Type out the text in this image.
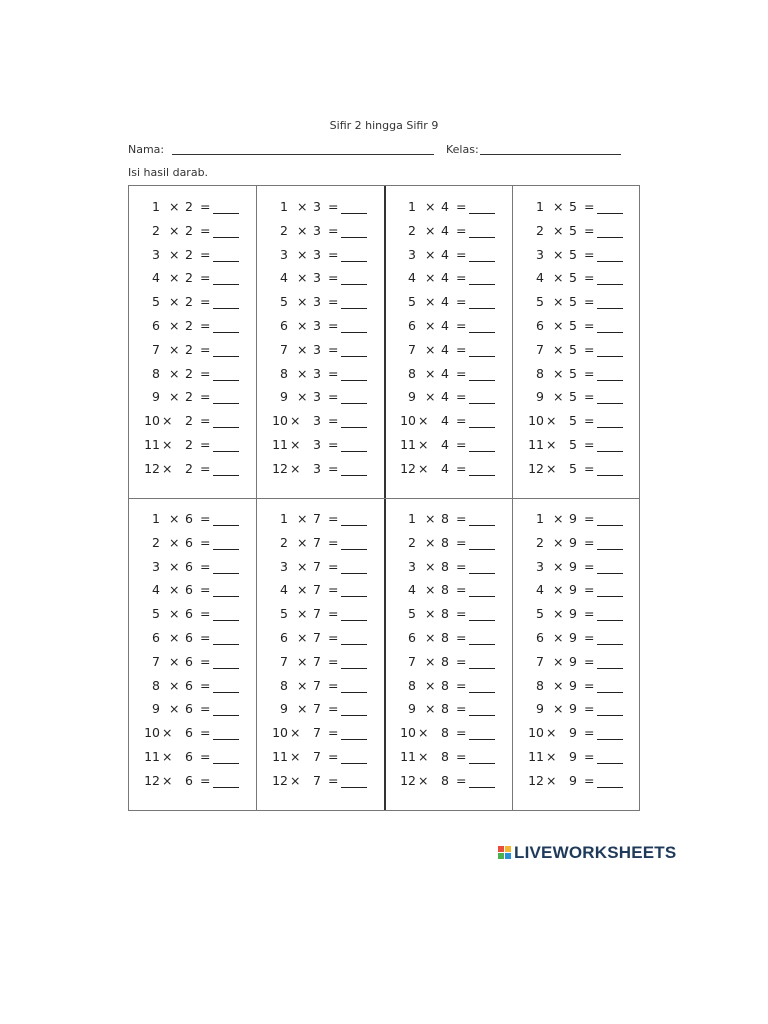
Sifir 2 hingga Sifir 9
Nama:	Kelas:
Isi hasil darab.
1 × 2 =
2 × 2 =
3 × 2 =
4 × 2 =
5 × 2 =
6 × 2 =
7 × 2 =
8 × 2 =
9 × 2 =
10 × 2 =
11 × 2 =
12 × 2 =
1 × 3 =
2 × 3 =
3 × 3 =
4 × 3 =
5 × 3 =
6 × 3 =
7 × 3 =
8 × 3 =
9 × 3 =
10 × 3 =
11 × 3 =
12 × 3 =
1 × 4 =
2 × 4 =
3 × 4 =
4 × 4 =
5 × 4 =
6 × 4 =
7 × 4 =
8 × 4 =
9 × 4 =
10 × 4 =
11 × 4 =
12 × 4 =
1 × 5 =
2 × 5 =
3 × 5 =
4 × 5 =
5 × 5 =
6 × 5 =
7 × 5 =
8 × 5 =
9 × 5 =
10 × 5 =
11 × 5 =
12 × 5 =
1 × 6 =
2 × 6 =
3 × 6 =
4 × 6 =
5 × 6 =
6 × 6 =
7 × 6 =
8 × 6 =
9 × 6 =
10 × 6 =
11 × 6 =
12 × 6 =
1 × 7 =
2 × 7 =
3 × 7 =
4 × 7 =
5 × 7 =
6 × 7 =
7 × 7 =
8 × 7 =
9 × 7 =
10 × 7 =
11 × 7 =
12 × 7 =
1 × 8 =
2 × 8 =
3 × 8 =
4 × 8 =
5 × 8 =
6 × 8 =
7 × 8 =
8 × 8 =
9 × 8 =
10 × 8 =
11 × 8 =
12 × 8 =
1 × 9 =
2 × 9 =
3 × 9 =
4 × 9 =
5 × 9 =
6 × 9 =
7 × 9 =
8 × 9 =
9 × 9 =
10 × 9 =
11 × 9 =
12 × 9 =
LIVEWORKSHEETS
